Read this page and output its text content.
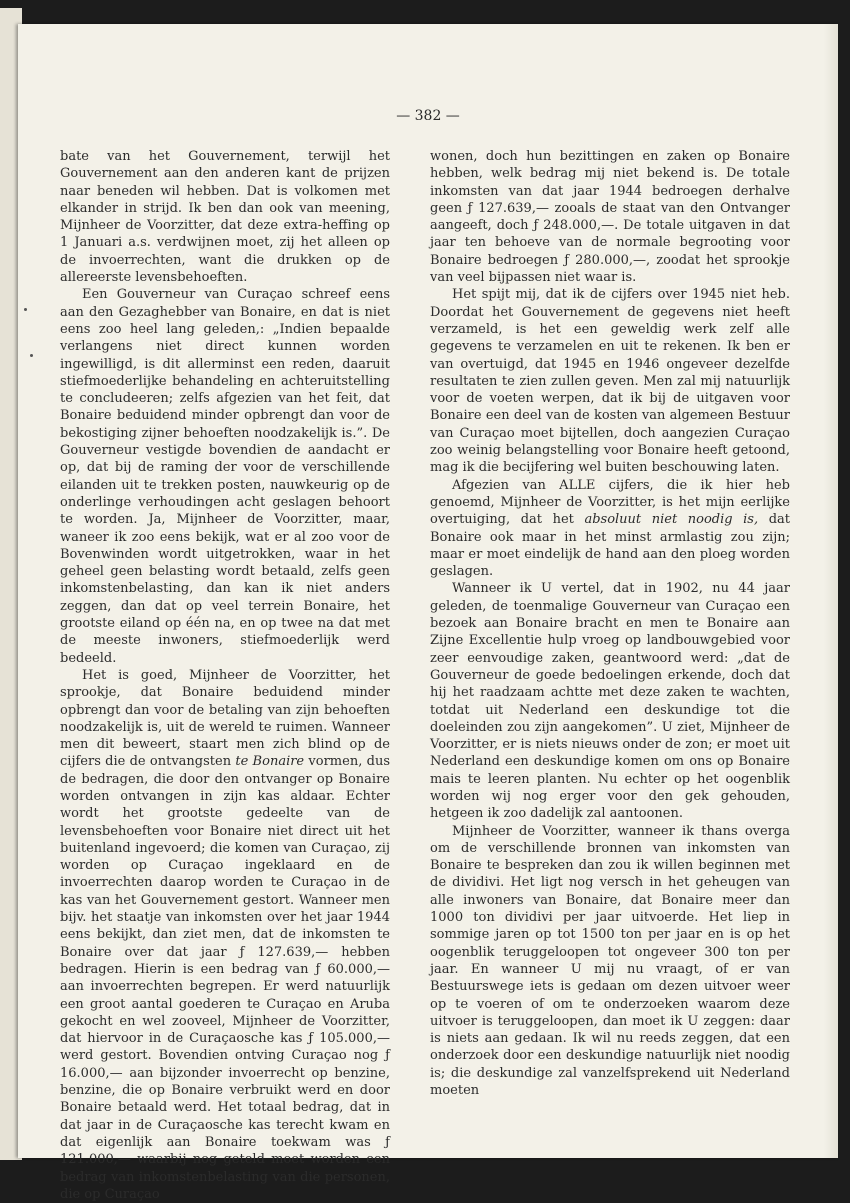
— 382 —

bate van het Gouvernement, terwijl het Gouvernement aan den anderen kant de prijzen naar beneden wil hebben. Dat is volkomen met elkander in strijd. Ik ben dan ook van meening, Mijnheer de Voorzitter, dat deze extra-heffing op 1 Januari a.s. verdwijnen moet, zij het alleen op de invoerrechten, want die drukken op de allereerste levensbehoeften.

Een Gouverneur van Curaçao schreef eens aan den Gezaghebber van Bonaire, en dat is niet eens zoo heel lang geleden,: „Indien bepaalde verlangens niet direct kunnen worden ingewilligd, is dit allerminst een reden, daaruit stiefmoederlijke behandeling en achteruitstelling te concludeeren; zelfs afgezien van het feit, dat Bonaire beduidend minder opbrengt dan voor de bekostiging zijner behoeften noodzakelijk is.”. De Gouverneur vestigde bovendien de aandacht er op, dat bij de raming der voor de verschillende eilanden uit te trekken posten, nauwkeurig op de onderlinge verhoudingen acht geslagen behoort te worden. Ja, Mijnheer de Voorzitter, maar, waneer ik zoo eens bekijk, wat er al zoo voor de Bovenwinden wordt uitgetrokken, waar in het geheel geen belasting wordt betaald, zelfs geen inkomstenbelasting, dan kan ik niet anders zeggen, dan dat op veel terrein Bonaire, het grootste eiland op één na, en op twee na dat met de meeste inwoners, stiefmoederlijk werd bedeeld.

Het is goed, Mijnheer de Voorzitter, het sprookje, dat Bonaire beduidend minder opbrengt dan voor de betaling van zijn behoeften noodzakelijk is, uit de wereld te ruimen. Wanneer men dit beweert, staart men zich blind op de cijfers die de ontvangsten te Bonaire vormen, dus de bedragen, die door den ontvanger op Bonaire worden ontvangen in zijn kas aldaar. Echter wordt het grootste gedeelte van de levensbehoeften voor Bonaire niet direct uit het buitenland ingevoerd; die komen van Curaçao, zij worden op Curaçao ingeklaard en de invoerrechten daarop worden te Curaçao in de kas van het Gouvernement gestort. Wanneer men bijv. het staatje van inkomsten over het jaar 1944 eens bekijkt, dan ziet men, dat de inkomsten te Bonaire over dat jaar ƒ 127.639,— hebben bedragen. Hierin is een bedrag van ƒ 60.000,— aan invoerrechten begrepen. Er werd natuurlijk een groot aantal goederen te Curaçao en Aruba gekocht en wel zooveel, Mijnheer de Voorzitter, dat hiervoor in de Curaçaosche kas ƒ 105.000,— werd gestort. Bovendien ontving Curaçao nog ƒ 16.000,— aan bijzonder invoerrecht op benzine, benzine, die op Bonaire verbruikt werd en door Bonaire betaald werd. Het totaal bedrag, dat in dat jaar in de Curaçaosche kas terecht kwam en dat eigenlijk aan Bonaire toekwam was ƒ 121.000,— waarbij nog geteld moet worden een bedrag van inkomstenbelasting van die personen, die op Curaçao

wonen, doch hun bezittingen en zaken op Bonaire hebben, welk bedrag mij niet bekend is. De totale inkomsten van dat jaar 1944 bedroegen derhalve geen ƒ 127.639,— zooals de staat van den Ontvanger aangeeft, doch ƒ 248.000,—. De totale uitgaven in dat jaar ten behoeve van de normale begrooting voor Bonaire bedroegen ƒ 280.000,—, zoodat het sprookje van veel bijpassen niet waar is.

Het spijt mij, dat ik de cijfers over 1945 niet heb. Doordat het Gouvernement de gegevens niet heeft verzameld, is het een geweldig werk zelf alle gegevens te verzamelen en uit te rekenen. Ik ben er van overtuigd, dat 1945 en 1946 ongeveer dezelfde resultaten te zien zullen geven. Men zal mij natuurlijk voor de voeten werpen, dat ik bij de uitgaven voor Bonaire een deel van de kosten van algemeen Bestuur van Curaçao moet bijtellen, doch aangezien Curaçao zoo weinig belangstelling voor Bonaire heeft getoond, mag ik die becijfering wel buiten beschouwing laten.

Afgezien van ALLE cijfers, die ik hier heb genoemd, Mijnheer de Voorzitter, is het mijn eerlijke overtuiging, dat het absoluut niet noodig is, dat Bonaire ook maar in het minst armlastig zou zijn; maar er moet eindelijk de hand aan den ploeg worden geslagen.

Wanneer ik U vertel, dat in 1902, nu 44 jaar geleden, de toenmalige Gouverneur van Curaçao een bezoek aan Bonaire bracht en men te Bonaire aan Zijne Excellentie hulp vroeg op landbouwgebied voor zeer eenvoudige zaken, geantwoord werd: „dat de Gouverneur de goede bedoelingen erkende, doch dat hij het raadzaam achtte met deze zaken te wachten, totdat uit Nederland een deskundige tot die doeleinden zou zijn aangekomen”. U ziet, Mijnheer de Voorzitter, er is niets nieuws onder de zon; er moet uit Nederland een deskundige komen om ons op Bonaire mais te leeren planten. Nu echter op het oogenblik worden wij nog erger voor den gek gehouden, hetgeen ik zoo dadelijk zal aantoonen.

Mijnheer de Voorzitter, wanneer ik thans overga om de verschillende bronnen van inkomsten van Bonaire te bespreken dan zou ik willen beginnen met de dividivi. Het ligt nog versch in het geheugen van alle inwoners van Bonaire, dat Bonaire meer dan 1000 ton dividivi per jaar uitvoerde. Het liep in sommige jaren op tot 1500 ton per jaar en is op het oogenblik teruggeloopen tot ongeveer 300 ton per jaar. En wanneer U mij nu vraagt, of er van Bestuurswege iets is gedaan om dezen uitvoer weer op te voeren of om te onderzoeken waarom deze uitvoer is teruggeloopen, dan moet ik U zeggen: daar is niets aan gedaan. Ik wil nu reeds zeggen, dat een onderzoek door een deskundige natuurlijk niet noodig is; die deskundige zal vanzelfsprekend uit Nederland moeten
